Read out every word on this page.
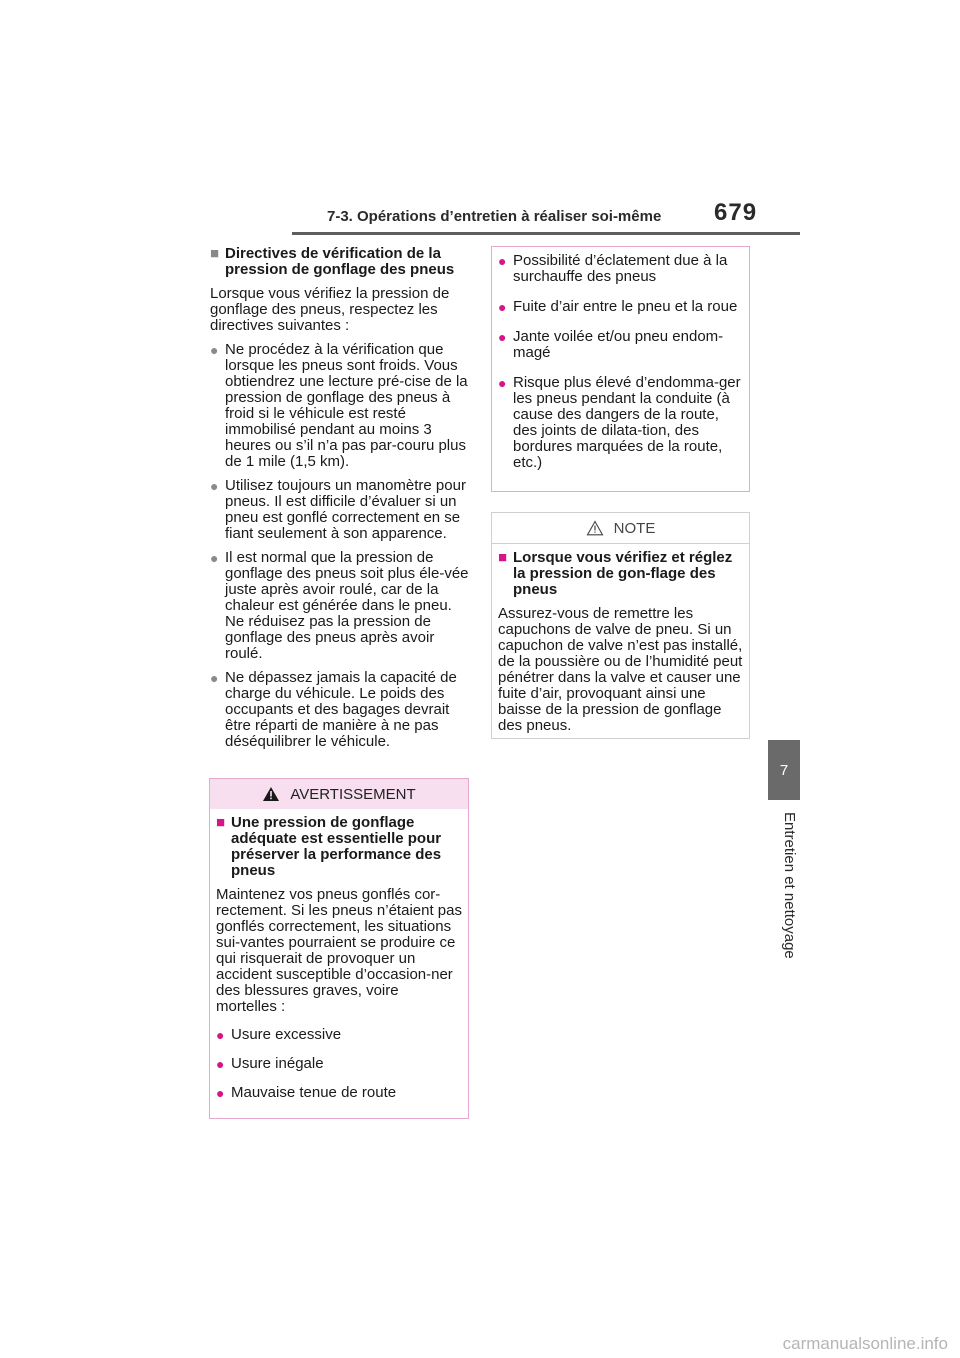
7-3. Opérations d’entretien à réaliser soi-même 679
7
Entretien et nettoyage
■ Directives de vérification de la pression de gonflage des pneus

Lorsque vous vérifiez la pression de gonflage des pneus, respectez les directives suivantes :

● Ne procédez à la vérification que lorsque les pneus sont froids. Vous obtiendrez une lecture pré-cise de la pression de gonflage des pneus à froid si le véhicule est resté immobilisé pendant au moins 3 heures ou s’il n’a pas par-couru plus de 1 mile (1,5 km).
● Utilisez toujours un manomètre pour pneus. Il est difficile d’évaluer si un pneu est gonflé correctement en se fiant seulement à son apparence.
● Il est normal que la pression de gonflage des pneus soit plus éle-vée juste après avoir roulé, car de la chaleur est générée dans le pneu. Ne réduisez pas la pression de gonflage des pneus après avoir roulé.
● Ne dépassez jamais la capacité de charge du véhicule. Le poids des occupants et des bagages devrait être réparti de manière à ne pas déséquilibrer le véhicule.
AVERTISSEMENT
■ Une pression de gonflage adéquate est essentielle pour préserver la performance des pneus

Maintenez vos pneus gonflés cor-rectement. Si les pneus n’étaient pas gonflés correctement, les situations sui-vantes pourraient se produire ce qui risquerait de provoquer un accident susceptible d’occasion-ner des blessures graves, voire mortelles :

● Usure excessive
● Usure inégale
● Mauvaise tenue de route
● Possibilité d’éclatement due à la surchauffe des pneus
● Fuite d’air entre le pneu et la roue
● Jante voilée et/ou pneu endom-magé
● Risque plus élevé d’endomma-ger les pneus pendant la conduite (à cause des dangers de la route, des joints de dilata-tion, des bordures marquées de la route, etc.)
NOTE
■ Lorsque vous vérifiez et réglez la pression de gon-flage des pneus

Assurez-vous de remettre les capuchons de valve de pneu. Si un capuchon de valve n’est pas installé, de la poussière ou de l’humidité peut pénétrer dans la valve et causer une fuite d’air, provoquant ainsi une baisse de la pression de gonflage des pneus.

carmanualsonline.info
